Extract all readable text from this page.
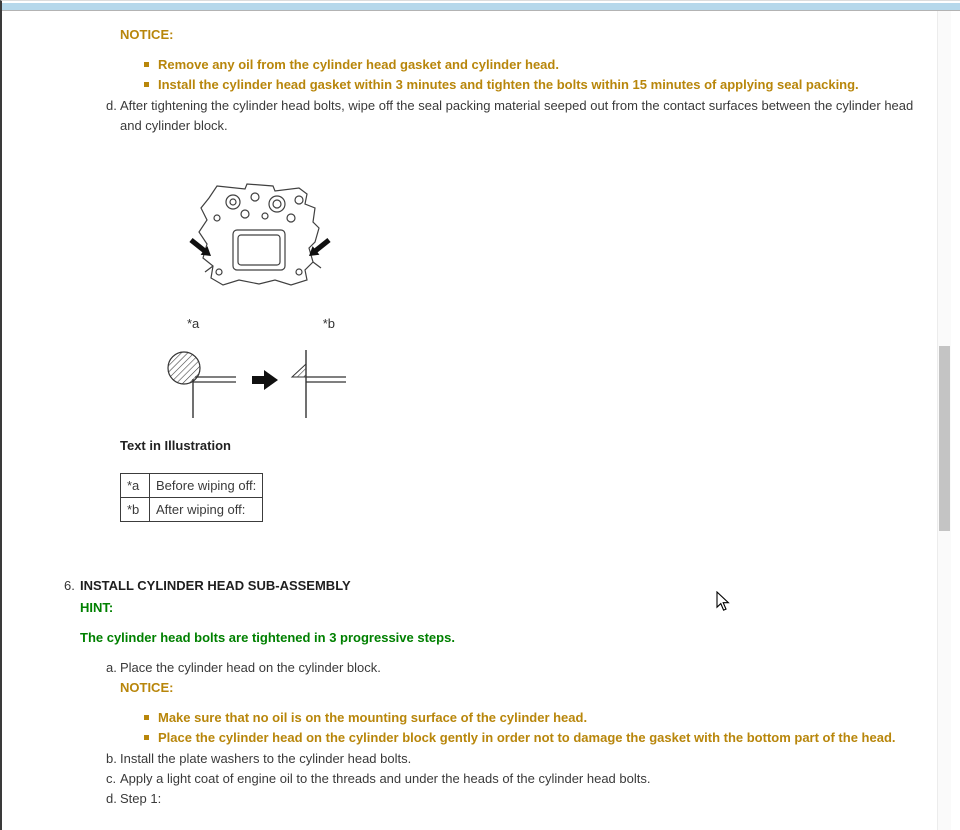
NOTICE:
Remove any oil from the cylinder head gasket and cylinder head.
Install the cylinder head gasket within 3 minutes and tighten the bolts within 15 minutes of applying seal packing.
d. After tightening the cylinder head bolts, wipe off the seal packing material seeped out from the contact surfaces between the cylinder head and cylinder block.
*a	*b
Text in Illustration
*a	Before wiping off:
*b	After wiping off:
6. INSTALL CYLINDER HEAD SUB-ASSEMBLY
HINT:
The cylinder head bolts are tightened in 3 progressive steps.
a. Place the cylinder head on the cylinder block.
NOTICE:
Make sure that no oil is on the mounting surface of the cylinder head.
Place the cylinder head on the cylinder block gently in order not to damage the gasket with the bottom part of the head.
b. Install the plate washers to the cylinder head bolts.
c. Apply a light coat of engine oil to the threads and under the heads of the cylinder head bolts.
d. Step 1:
